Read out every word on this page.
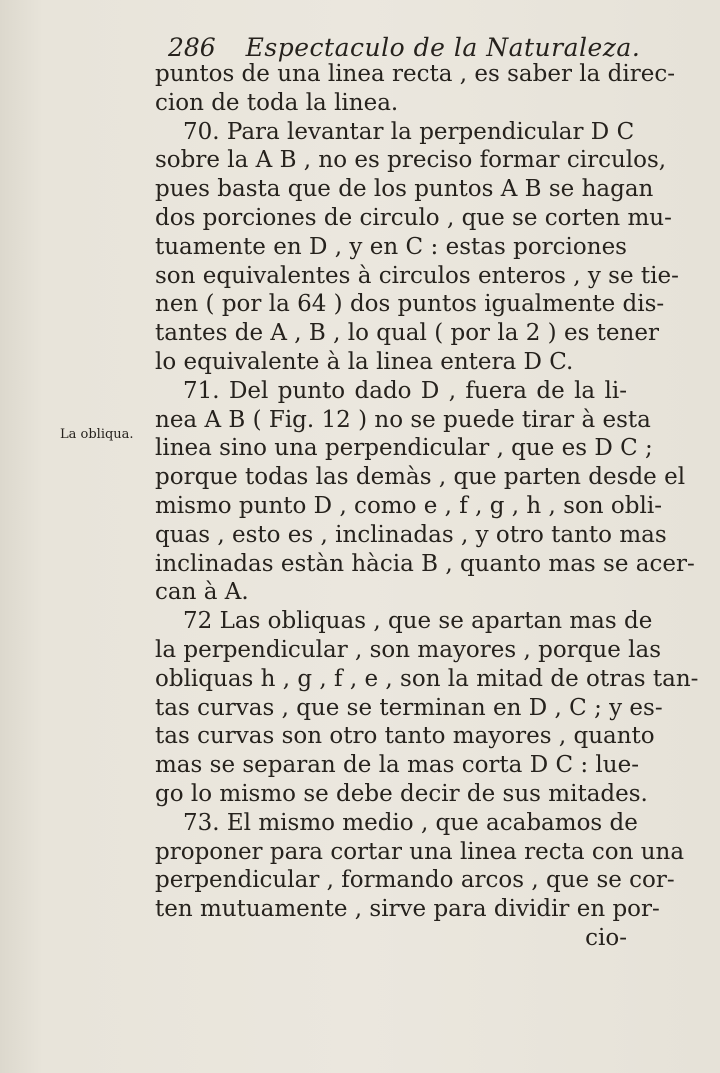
286 Espectaculo de la Naturaleza.
La obliqua.
puntos de una linea recta , es saber la direc-
cion de toda la linea.
70. Para levantar la perpendicular D C
sobre la A B , no es preciso formar circulos,
pues basta que de los puntos A B se hagan
dos porciones de circulo , que se corten mu-
tuamente en D , y en C : estas porciones
son equivalentes à circulos enteros , y se tie-
nen ( por la 64 ) dos puntos igualmente dis-
tantes de A , B , lo qual ( por la 2 ) es tener
lo equivalente à la linea entera D C.
71. Del punto dado D , fuera de la li-
nea A B ( Fig. 12 ) no se puede tirar à esta
linea sino una perpendicular , que es D C ;
porque todas las demàs , que parten desde el
mismo punto D , como e , f , g , h , son obli-
quas , esto es , inclinadas , y otro tanto mas
inclinadas estàn hàcia B , quanto mas se acer-
can à A.
72 Las obliquas , que se apartan mas de
la perpendicular , son mayores , porque las
obliquas h , g , f , e , son la mitad de otras tan-
tas curvas , que se terminan en D , C ; y es-
tas curvas son otro tanto mayores , quanto
mas se separan de la mas corta D C : lue-
go lo mismo se debe decir de sus mitades.
73. El mismo medio , que acabamos de
proponer para cortar una linea recta con una
perpendicular , formando arcos , que se cor-
ten mutuamente , sirve para dividir en por-
cio-
